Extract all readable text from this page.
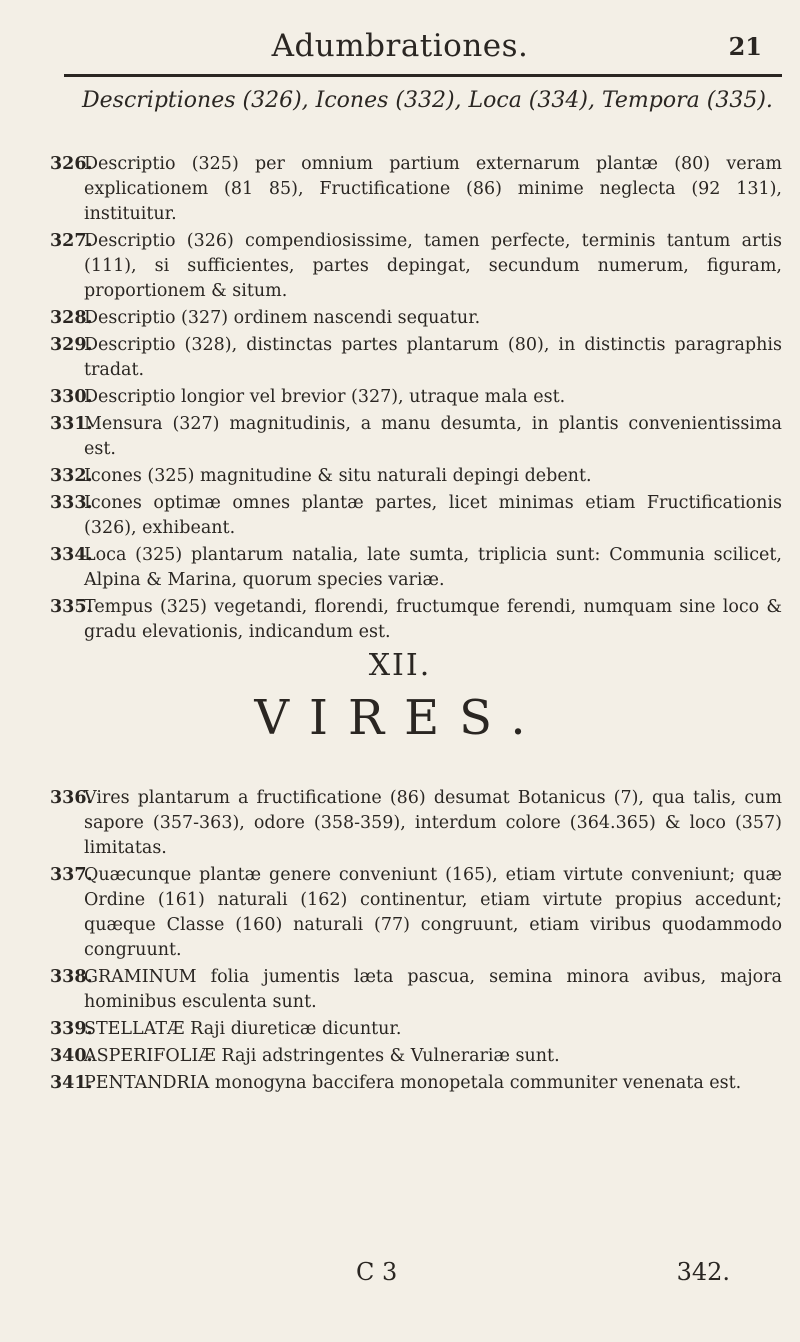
Adumbrationes.	21
Descriptiones (326), Icones (332), Loca (334), Tempora (335).
326.
Descriptio (325) per omnium partium externarum plantæ (80) veram explicationem (81 85), Fructificatione (86) minime neglecta (92 131), instituitur.
327.
Descriptio (326) compendiosissime, tamen perfecte, terminis tantum artis (111), si sufficientes, partes depingat, secundum numerum, figuram, proportionem & situm.
328.
Descriptio (327) ordinem nascendi sequatur.
329.
Descriptio (328), distinctas partes plantarum (80), in distinctis paragraphis tradat.
330.
Descriptio longior vel brevior (327), utraque mala est.
331.
Mensura (327) magnitudinis, a manu desumta, in plantis convenientissima est.
332.
Icones (325) magnitudine & situ naturali depingi debent.
333.
Icones optimæ omnes plantæ partes, licet minimas etiam Fructificationis (326), exhibeant.
334.
Loca (325) plantarum natalia, late sumta, triplicia sunt: Communia scilicet, Alpina & Marina, quorum species variæ.
335.
Tempus (325) vegetandi, florendi, fructumque ferendi, numquam sine loco & gradu elevationis, indicandum est.
XII.
VIRES.
336.
Vires plantarum a fructificatione (86) desumat Botanicus (7), qua talis, cum sapore (357-363), odore (358-359), interdum colore (364.365) & loco (357) limitatas.
337.
Quæcunque plantæ genere conveniunt (165), etiam virtute conveniunt; quæ Ordine (161) naturali (162) continentur, etiam virtute propius accedunt; quæque Classe (160) naturali (77) congruunt, etiam viribus quodammodo congruunt.
338.
GRAMINUM folia jumentis læta pascua, semina minora avibus, majora hominibus esculenta sunt.
339.
STELLATÆ Raji diureticæ dicuntur.
340.
ASPERIFOLIÆ Raji adstringentes & Vulnerariæ sunt.
341.
PENTANDRIA monogyna baccifera monopetala communiter venenata est.
C 3	342.
